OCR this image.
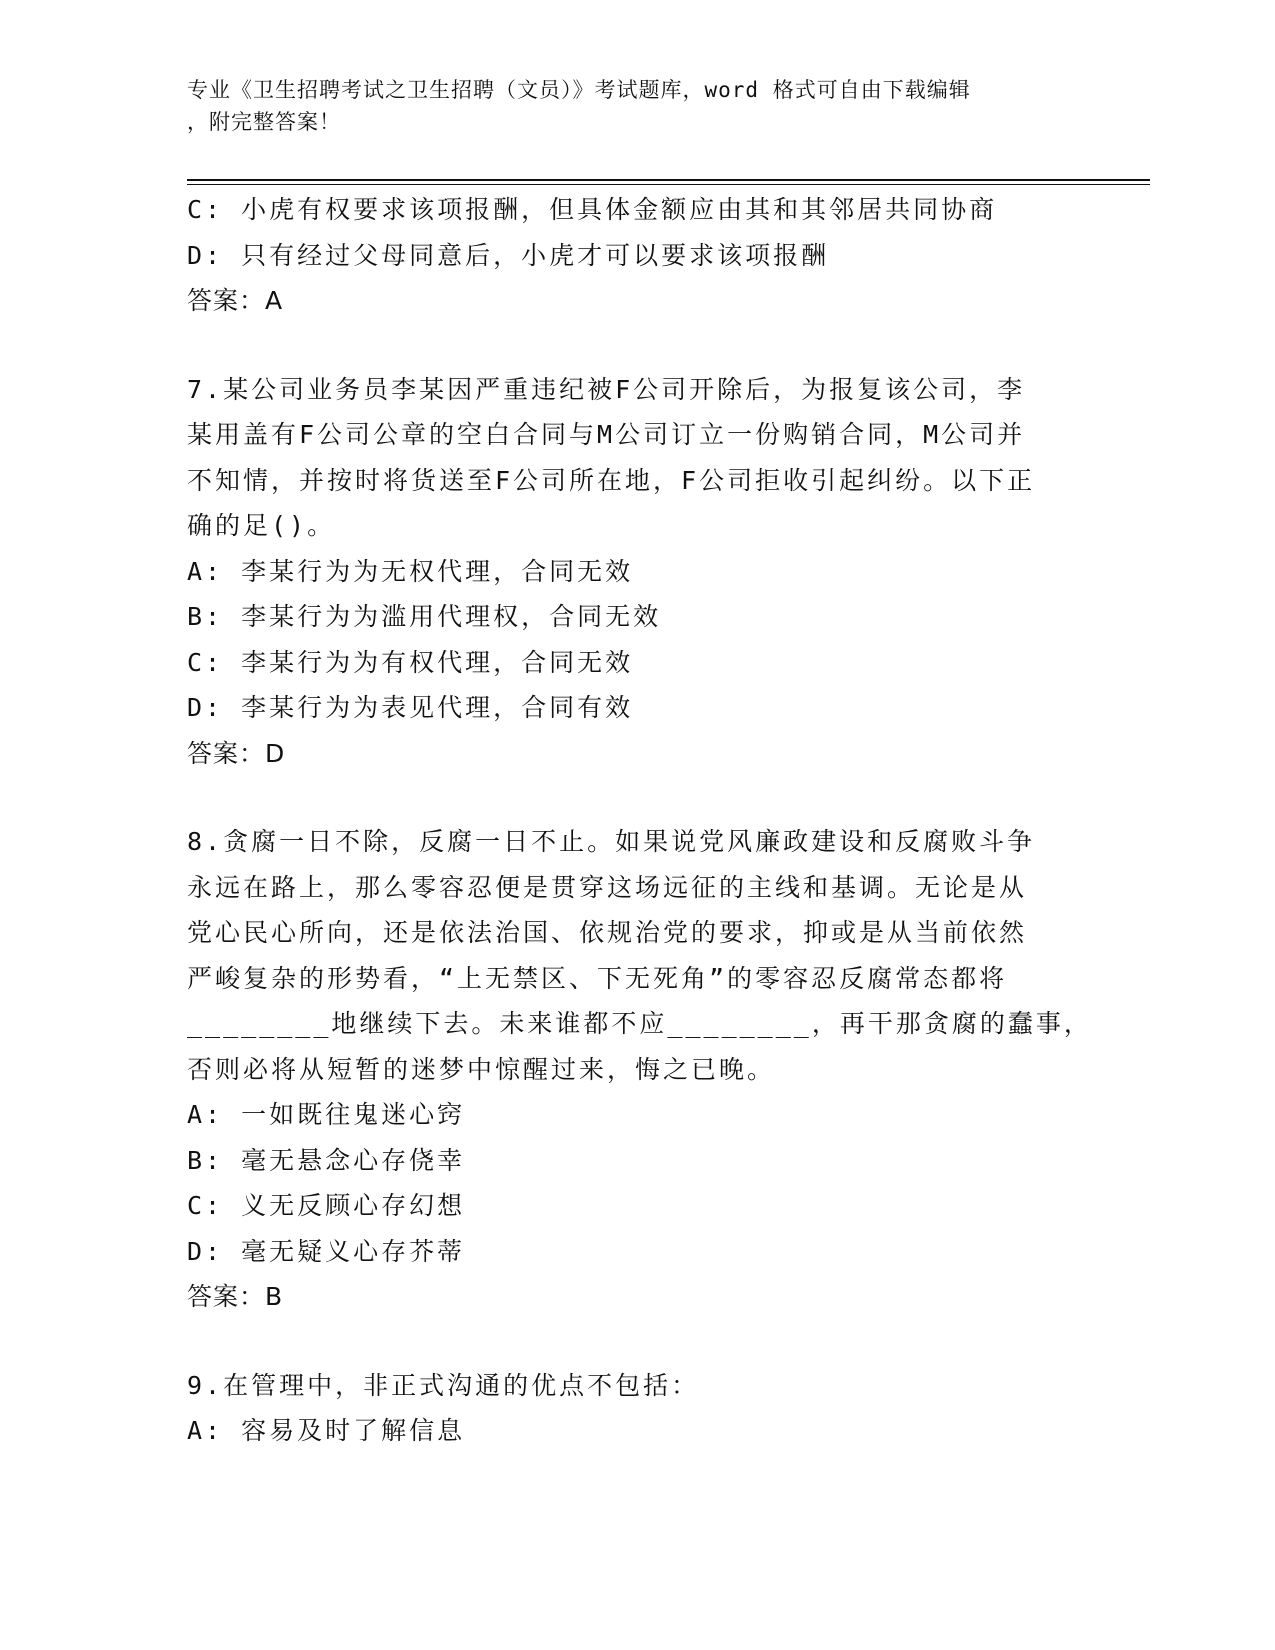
专业《卫生招聘考试之卫生招聘（文员）》考试题库，word 格式可自由下载编辑
，附完整答案！
C: 小虎有权要求该项报酬，但具体金额应由其和其邻居共同协商
D: 只有经过父母同意后，小虎才可以要求该项报酬
答案：A
7.某公司业务员李某因严重违纪被F公司开除后，为报复该公司，李
某用盖有F公司公章的空白合同与M公司订立一份购销合同，M公司并
不知情，并按时将货送至F公司所在地，F公司拒收引起纠纷。以下正
确的足()。
A: 李某行为为无权代理，合同无效
B: 李某行为为滥用代理权，合同无效
C: 李某行为为有权代理，合同无效
D: 李某行为为表见代理，合同有效
答案：D
8.贪腐一日不除，反腐一日不止。如果说党风廉政建设和反腐败斗争
永远在路上，那么零容忍便是贯穿这场远征的主线和基调。无论是从
党心民心所向，还是依法治国、依规治党的要求，抑或是从当前依然
严峻复杂的形势看，“上无禁区、下无死角”的零容忍反腐常态都将
________地继续下去。未来谁都不应________，再干那贪腐的蠢事，
否则必将从短暂的迷梦中惊醒过来，悔之已晚。
A: 一如既往鬼迷心窍
B: 毫无悬念心存侥幸
C: 义无反顾心存幻想
D: 毫无疑义心存芥蒂
答案：B
9.在管理中，非正式沟通的优点不包括：
A: 容易及时了解信息
